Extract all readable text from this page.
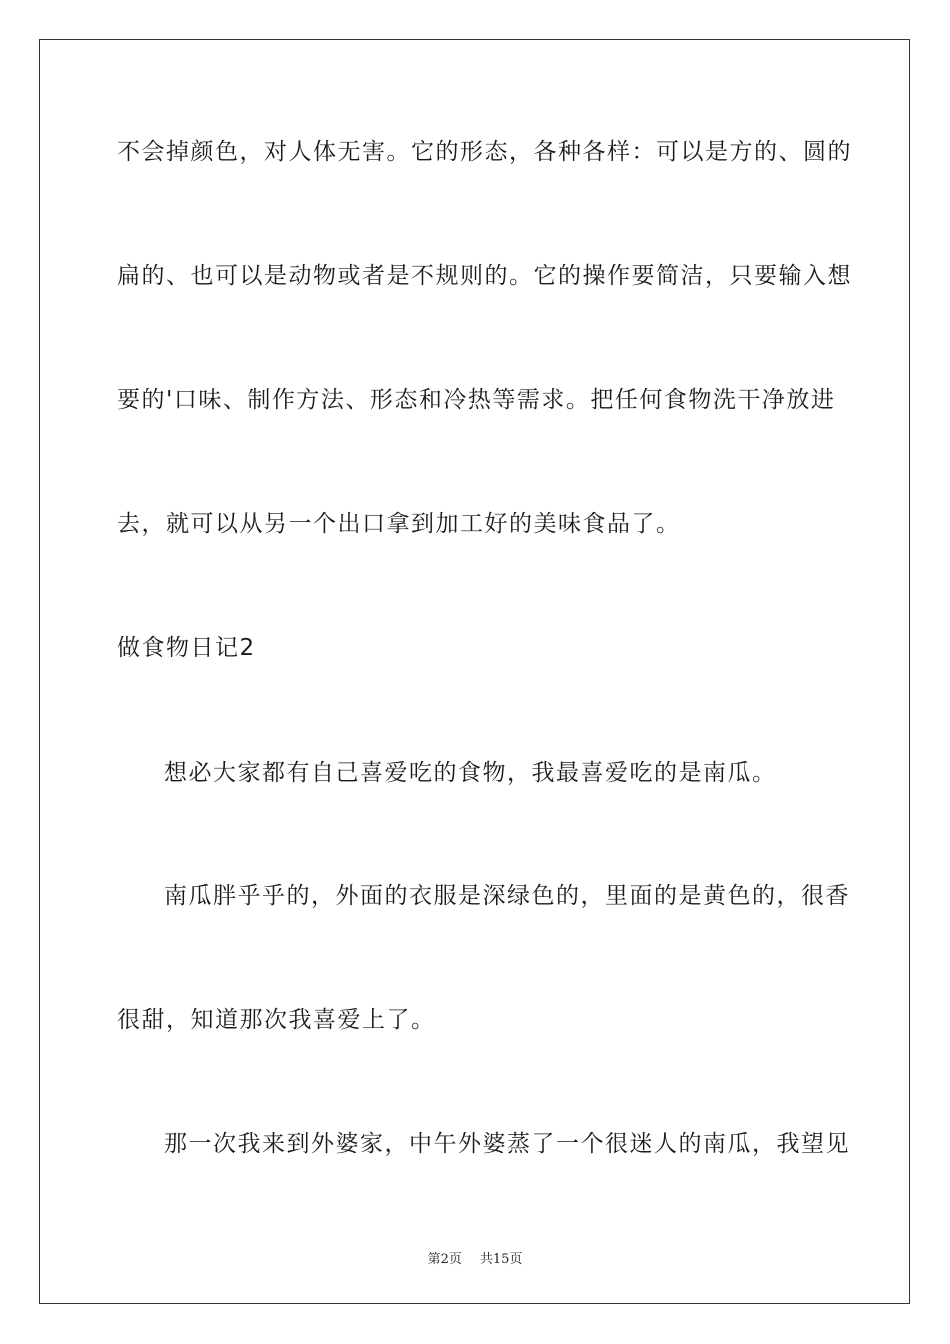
不会掉颜色，对人体无害。它的形态，各种各样：可以是方的、圆的
扁的、也可以是动物或者是不规则的。它的操作要简洁，只要输入想
要的'口味、制作方法、形态和冷热等需求。把任何食物洗干净放进
去，就可以从另一个出口拿到加工好的美味食品了。
做食物日记2
想必大家都有自己喜爱吃的食物，我最喜爱吃的是南瓜。
南瓜胖乎乎的，外面的衣服是深绿色的，里面的是黄色的，很香
很甜，知道那次我喜爱上了。
那一次我来到外婆家，中午外婆蒸了一个很迷人的南瓜，我望见
第2页 共15页
